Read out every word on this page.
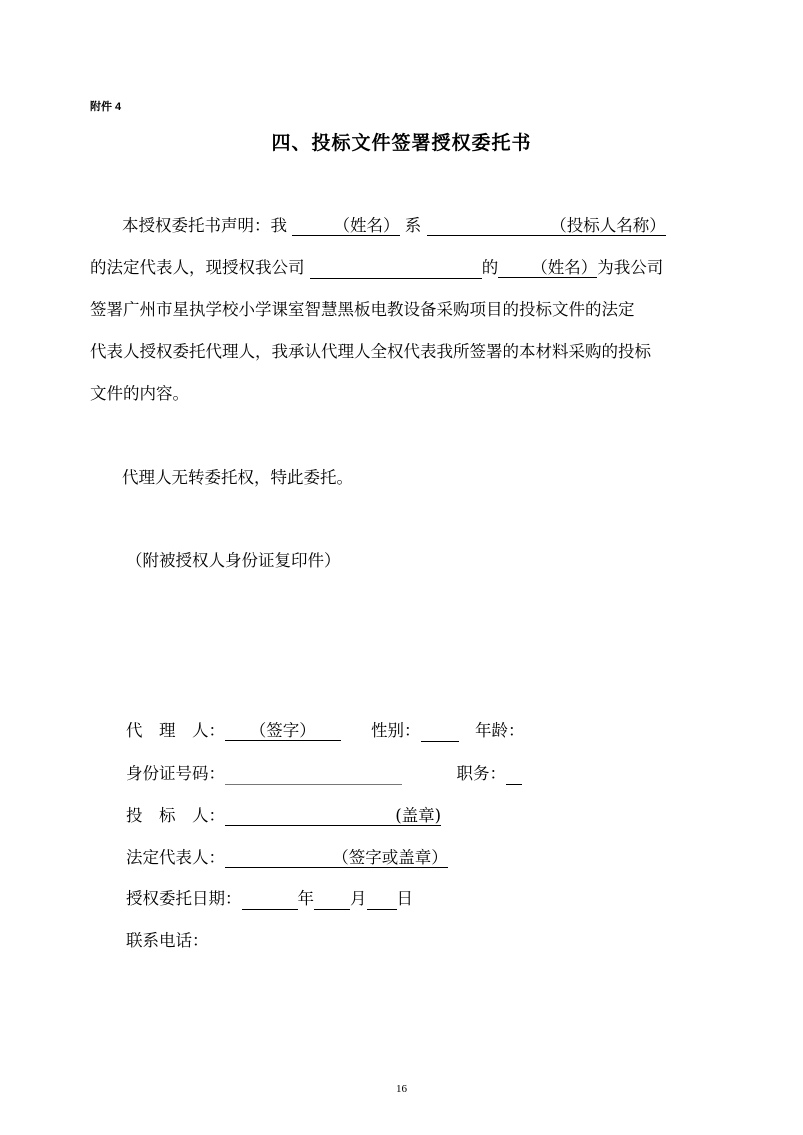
附件 4
四、投标文件签署授权委托书
本授权委托书声明：我    	（姓名） 系         	（投标人名称）
的法定代表人，现授权我公司	的   （姓名）为我公司
签署广州市星执学校小学课室智慧黑板电教设备采购项目的投标文件的法定
代表人授权委托代理人，我承认代理人全权代表我所签署的本材料采购的投标
文件的内容。
代理人无转委托权，特此委托。
（附被授权人身份证复印件）
代　理　人：    （签字）   	性别：	年龄：
身份证号码：	职务：
投　标　人：          	(盖章)
法定代表人：       	（签字或盖章）
授权委托日期：	年 月 日
联系电话：
16
